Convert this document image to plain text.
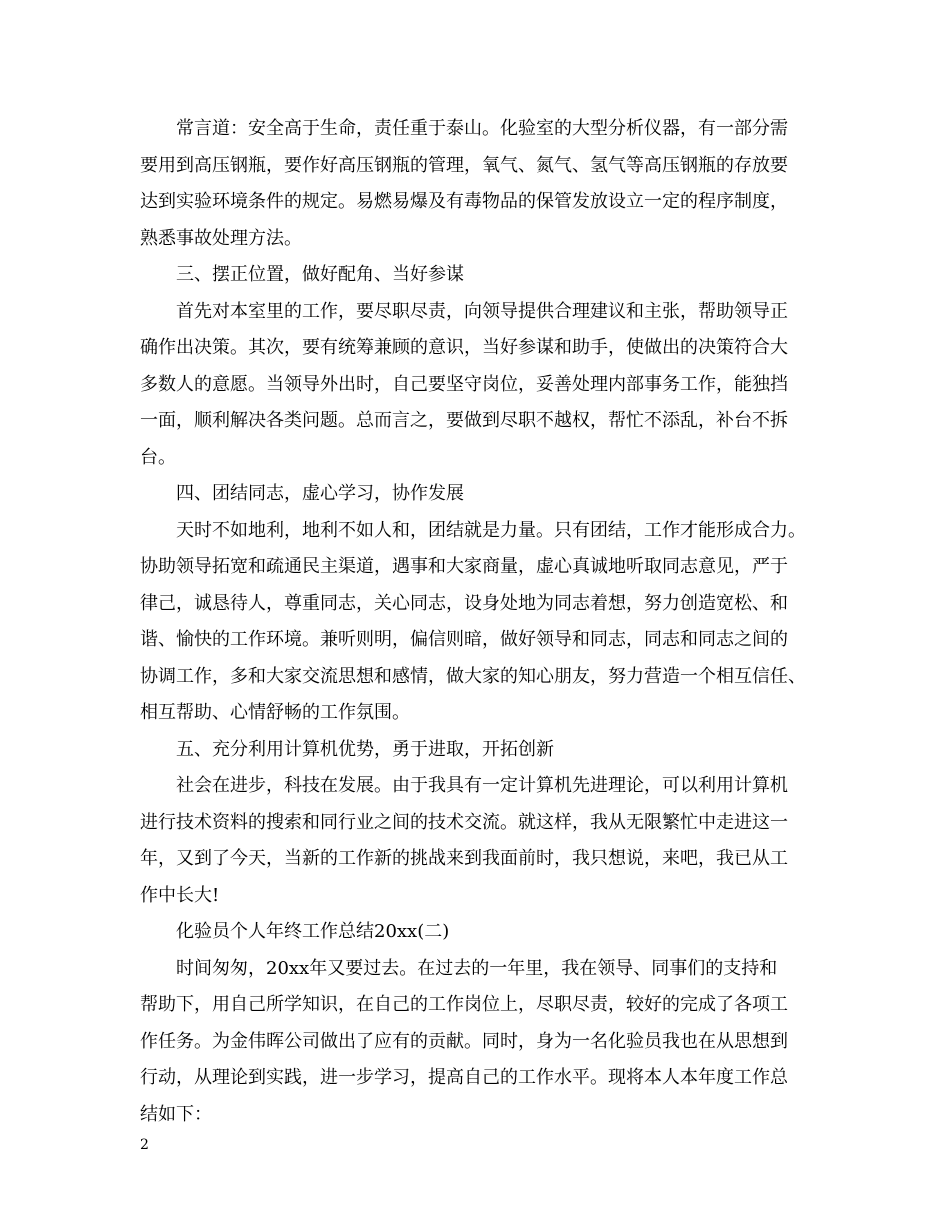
常言道：安全高于生命，责任重于泰山。化验室的大型分析仪器，有一部分需
要用到高压钢瓶，要作好高压钢瓶的管理，氧气、氮气、氢气等高压钢瓶的存放要
达到实验环境条件的规定。易燃易爆及有毒物品的保管发放设立一定的程序制度，
熟悉事故处理方法。
三、摆正位置，做好配角、当好参谋
首先对本室里的工作，要尽职尽责，向领导提供合理建议和主张，帮助领导正
确作出决策。其次，要有统筹兼顾的意识，当好参谋和助手，使做出的决策符合大
多数人的意愿。当领导外出时，自己要坚守岗位，妥善处理内部事务工作，能独挡
一面，顺利解决各类问题。总而言之，要做到尽职不越权，帮忙不添乱，补台不拆
台。
四、团结同志，虚心学习，协作发展
天时不如地利，地利不如人和，团结就是力量。只有团结，工作才能形成合力。
协助领导拓宽和疏通民主渠道，遇事和大家商量，虚心真诚地听取同志意见，严于
律己，诚恳待人，尊重同志，关心同志，设身处地为同志着想，努力创造宽松、和
谐、愉快的工作环境。兼听则明，偏信则暗，做好领导和同志，同志和同志之间的
协调工作，多和大家交流思想和感情，做大家的知心朋友，努力营造一个相互信任、
相互帮助、心情舒畅的工作氛围。
五、充分利用计算机优势，勇于进取，开拓创新
社会在进步，科技在发展。由于我具有一定计算机先进理论，可以利用计算机
进行技术资料的搜索和同行业之间的技术交流。就这样，我从无限繁忙中走进这一
年，又到了今天，当新的工作新的挑战来到我面前时，我只想说，来吧，我已从工
作中长大!
化验员个人年终工作总结20xx(二)
时间匆匆，20xx年又要过去。在过去的一年里，我在领导、同事们的支持和
帮助下，用自己所学知识，在自己的工作岗位上，尽职尽责，较好的完成了各项工
作任务。为金伟晖公司做出了应有的贡献。同时，身为一名化验员我也在从思想到
行动，从理论到实践，进一步学习，提高自己的工作水平。现将本人本年度工作总
结如下：
2
